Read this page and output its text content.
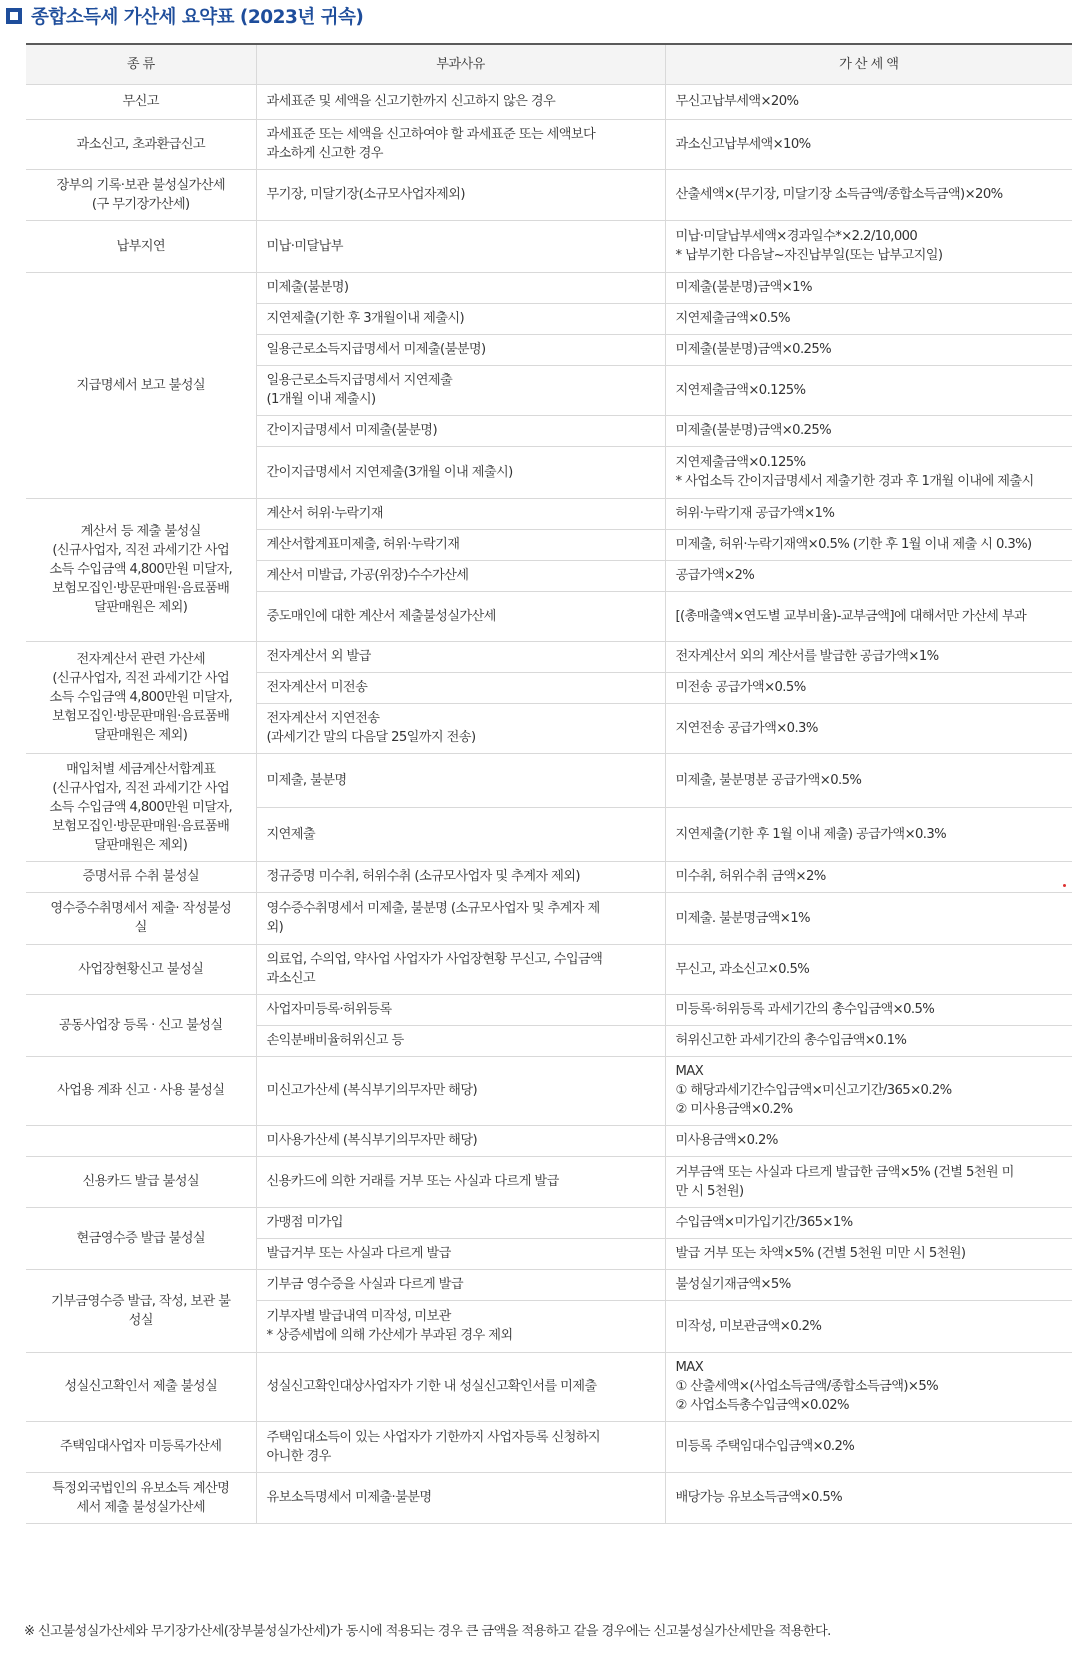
종합소득세 가산세 요약표 (2023년 귀속)
종 류	부과사유	가 산 세 액
무신고	과세표준 및 세액을 신고기한까지 신고하지 않은 경우	무신고납부세액×20%
과소신고, 초과환급신고	과세표준 또는 세액을 신고하여야 할 과세표준 또는 세액보다
과소하게 신고한 경우	과소신고납부세액×10%
장부의 기록·보관 불성실가산세
(구 무기장가산세)	무기장, 미달기장(소규모사업자제외)	산출세액×(무기장, 미달기장 소득금액/종합소득금액)×20%
납부지연	미납·미달납부	미납·미달납부세액×경과일수*×2.2/10,000
* 납부기한 다음날~자진납부일(또는 납부고지일)
지급명세서 보고 불성실	미제출(불분명)	미제출(불분명)금액×1%
	지연제출(기한 후 3개월이내 제출시)	지연제출금액×0.5%
	일용근로소득지급명세서 미제출(불분명)	미제출(불분명)금액×0.25%
	일용근로소득지급명세서 지연제출
(1개월 이내 제출시)	지연제출금액×0.125%
	간이지급명세서 미제출(불분명)	미제출(불분명)금액×0.25%
	간이지급명세서 지연제출(3개월 이내 제출시)	지연제출금액×0.125%
* 사업소득 간이지급명세서 제출기한 경과 후 1개월 이내에 제출시
계산서 등 제출 불성실
(신규사업자, 직전 과세기간 사업
소득 수입금액 4,800만원 미달자,
보험모집인·방문판매원·음료품배
달판매원은 제외)	계산서 허위·누락기재	허위·누락기재 공급가액×1%
	계산서합계표미제출, 허위·누락기재	미제출, 허위·누락기재액×0.5% (기한 후 1월 이내 제출 시 0.3%)
	계산서 미발급, 가공(위장)수수가산세	공급가액×2%
	중도매인에 대한 계산서 제출불성실가산세	[(총매출액×연도별 교부비율)-교부금액]에 대해서만 가산세 부과
전자계산서 관련 가산세
(신규사업자, 직전 과세기간 사업
소득 수입금액 4,800만원 미달자,
보험모집인·방문판매원·음료품배
달판매원은 제외)	전자계산서 외 발급	전자계산서 외의 계산서를 발급한 공급가액×1%
	전자계산서 미전송	미전송 공급가액×0.5%
	전자계산서 지연전송
(과세기간 말의 다음달 25일까지 전송)	지연전송 공급가액×0.3%
매입처별 세금계산서합계표
(신규사업자, 직전 과세기간 사업
소득 수입금액 4,800만원 미달자,
보험모집인·방문판매원·음료품배
달판매원은 제외)	미제출, 불분명	미제출, 불분명분 공급가액×0.5%
	지연제출	지연제출(기한 후 1월 이내 제출) 공급가액×0.3%
증명서류 수취 불성실	정규증명 미수취, 허위수취 (소규모사업자 및 추계자 제외)	미수취, 허위수취 금액×2%
영수증수취명세서 제출· 작성불성
실	영수증수취명세서 미제출, 불분명 (소규모사업자 및 추계자 제
외)	미제출. 불분명금액×1%
사업장현황신고 불성실	의료업, 수의업, 약사업 사업자가 사업장현황 무신고, 수입금액
과소신고	무신고, 과소신고×0.5%
공동사업장 등록 · 신고 불성실	사업자미등록·허위등록	미등록·허위등록 과세기간의 총수입금액×0.5%
	손익분배비율허위신고 등	허위신고한 과세기간의 총수입금액×0.1%
사업용 계좌 신고 · 사용 불성실	미신고가산세 (복식부기의무자만 해당)	MAX
① 해당과세기간수입금액×미신고기간/365×0.2%
② 미사용금액×0.2%
	미사용가산세 (복식부기의무자만 해당)	미사용금액×0.2%
신용카드 발급 불성실	신용카드에 의한 거래를 거부 또는 사실과 다르게 발급	거부금액 또는 사실과 다르게 발급한 금액×5% (건별 5천원 미
만 시 5천원)
현금영수증 발급 불성실	가맹점 미가입	수입금액×미가입기간/365×1%
	발급거부 또는 사실과 다르게 발급	발급 거부 또는 차액×5% (건별 5천원 미만 시 5천원)
기부금영수증 발급, 작성, 보관 불
성실	기부금 영수증을 사실과 다르게 발급	불성실기재금액×5%
	기부자별 발급내역 미작성, 미보관
* 상증세법에 의해 가산세가 부과된 경우 제외	미작성, 미보관금액×0.2%
성실신고확인서 제출 불성실	성실신고확인대상사업자가 기한 내 성실신고확인서를 미제출	MAX
① 산출세액×(사업소득금액/종합소득금액)×5%
② 사업소득총수입금액×0.02%
주택임대사업자 미등록가산세	주택임대소득이 있는 사업자가 기한까지 사업자등록 신청하지
아니한 경우	미등록 주택임대수입금액×0.2%
특정외국법인의 유보소득 계산명
세서 제출 불성실가산세	유보소득명세서 미제출·불분명	배당가능 유보소득금액×0.5%
※ 신고불성실가산세와 무기장가산세(장부불성실가산세)가 동시에 적용되는 경우 큰 금액을 적용하고 같을 경우에는 신고불성실가산세만을 적용한다.
